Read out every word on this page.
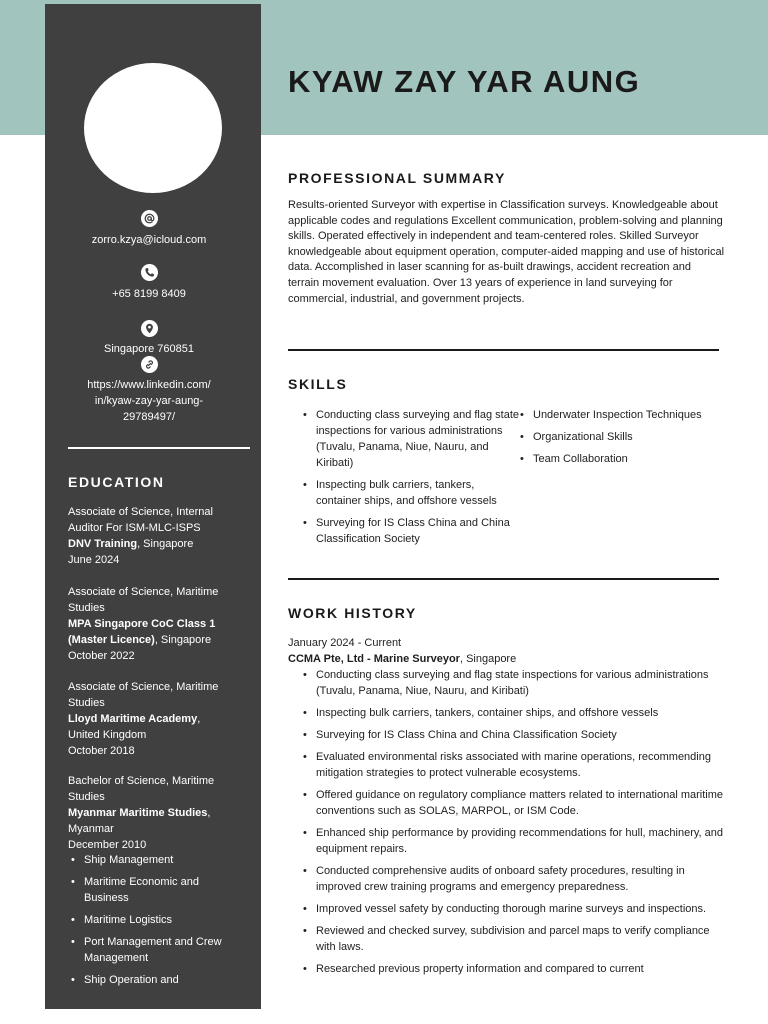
zorro.kzya@icloud.com
+65 8199 8409
Singapore 760851
https://www.linkedin.com/
in/kyaw-zay-yar-aung-
29789497/
EDUCATION
Associate of Science, Internal
Auditor For ISM-MLC-ISPS
DNV Training, Singapore
June 2024
Associate of Science, Maritime
Studies
MPA Singapore CoC Class 1
(Master Licence), Singapore
October 2022
Associate of Science, Maritime
Studies
Lloyd Maritime Academy,
United Kingdom
October 2018
Bachelor of Science, Maritime
Studies
Myanmar Maritime Studies,
Myanmar
December 2010
• Ship Management
• Maritime Economic and Business
• Maritime Logistics
• Port Management and Crew Management
• Ship Operation and
KYAW ZAY YAR AUNG
PROFESSIONAL SUMMARY

Results-oriented Surveyor with expertise in Classification surveys. Knowledgeable about applicable codes and regulations Excellent communication, problem-solving and planning skills. Operated effectively in independent and team-centered roles. Skilled Surveyor knowledgeable about equipment operation, computer-aided mapping and use of historical data. Accomplished in laser scanning for as-built drawings, accident recreation and terrain movement evaluation. Over 13 years of experience in land surveying for commercial, industrial, and government projects.

SKILLS
• Conducting class surveying and flag state inspections for various administrations (Tuvalu, Panama, Niue, Nauru, and Kiribati)
• Inspecting bulk carriers, tankers, container ships, and offshore vessels
• Surveying for IS Class China and China Classification Society
• Underwater Inspection Techniques
• Organizational Skills
• Team Collaboration
WORK HISTORY
January 2024 - Current
CCMA Pte, Ltd - Marine Surveyor, Singapore
• Conducting class surveying and flag state inspections for various administrations (Tuvalu, Panama, Niue, Nauru, and Kiribati)
• Inspecting bulk carriers, tankers, container ships, and offshore vessels
• Surveying for IS Class China and China Classification Society
• Evaluated environmental risks associated with marine operations, recommending mitigation strategies to protect vulnerable ecosystems.
• Offered guidance on regulatory compliance matters related to international maritime conventions such as SOLAS, MARPOL, or ISM Code.
• Enhanced ship performance by providing recommendations for hull, machinery, and equipment repairs.
• Conducted comprehensive audits of onboard safety procedures, resulting in improved crew training programs and emergency preparedness.
• Improved vessel safety by conducting thorough marine surveys and inspections.
• Reviewed and checked survey, subdivision and parcel maps to verify compliance with laws.
• Researched previous property information and compared to current
